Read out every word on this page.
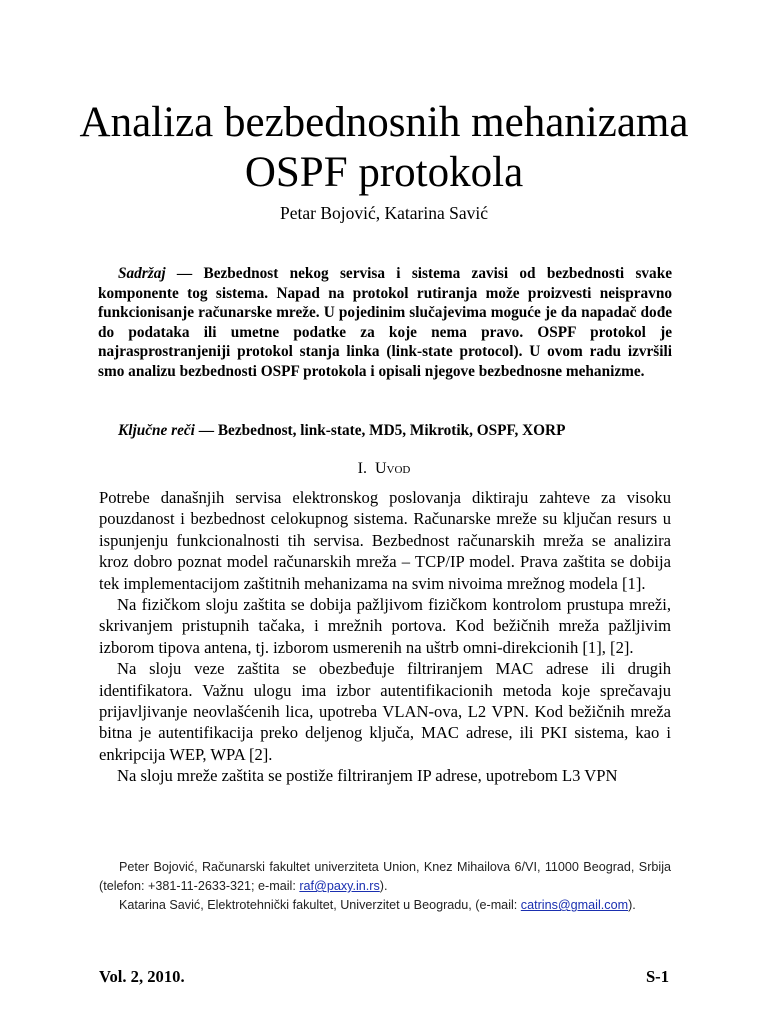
Analiza bezbednosnih mehanizama
OSPF protokola
Petar Bojović, Katarina Savić
Sadržaj — Bezbednost nekog servisa i sistema zavisi od bezbednosti svake komponente tog sistema. Napad na protokol rutiranja može proizvesti neispravno funkcionisanje računarske mreže. U pojedinim slučajevima moguće je da napadač dođe do podataka ili umetne podatke za koje nema pravo. OSPF protokol je najrasprostranjeniji protokol stanja linka (link-state protocol). U ovom radu izvršili smo analizu bezbednosti OSPF protokola i opisali njegove bezbednosne mehanizme.
Ključne reči — Bezbednost, link-state, MD5, Mikrotik, OSPF, XORP
I. Uvod

Potrebe današnjih servisa elektronskog poslovanja diktiraju zahteve za visoku pouzdanost i bezbednost celokupnog sistema. Računarske mreže su ključan resurs u ispunjenju funkcionalnosti tih servisa. Bezbednost računarskih mreža se analizira kroz dobro poznat model računarskih mreža – TCP/IP model. Prava zaštita se dobija tek implementacijom zaštitnih mehanizama na svim nivoima mrežnog modela [1].

Na fizičkom sloju zaštita se dobija pažljivom fizičkom kontrolom prustupa mreži, skrivanjem pristupnih tačaka, i mrežnih portova. Kod bežičnih mreža pažljivim izborom tipova antena, tj. izborom usmerenih na uštrb omni-direkcionih [1], [2].

Na sloju veze zaštita se obezbeđuje filtriranjem MAC adrese ili drugih identifikatora. Važnu ulogu ima izbor autentifikacionih metoda koje sprečavaju prijavljivanje neovlašćenih lica, upotreba VLAN-ova, L2 VPN. Kod bežičnih mreža bitna je autentifikacija preko deljenog ključa, MAC adrese, ili PKI sistema, kao i enkripcija WEP, WPA [2].

Na sloju mreže zaštita se postiže filtriranjem IP adrese, upotrebom L3 VPN

Peter Bojović, Računarski fakultet univerziteta Union, Knez Mihailova 6/VI, 11000 Beograd, Srbija (telefon: +381-11-2633-321; e-mail: raf@paxy.in.rs).

Katarina Savić, Elektrotehnički fakultet, Univerzitet u Beogradu, (e-mail: catrins@gmail.com).

Vol. 2, 2010.	S-1
